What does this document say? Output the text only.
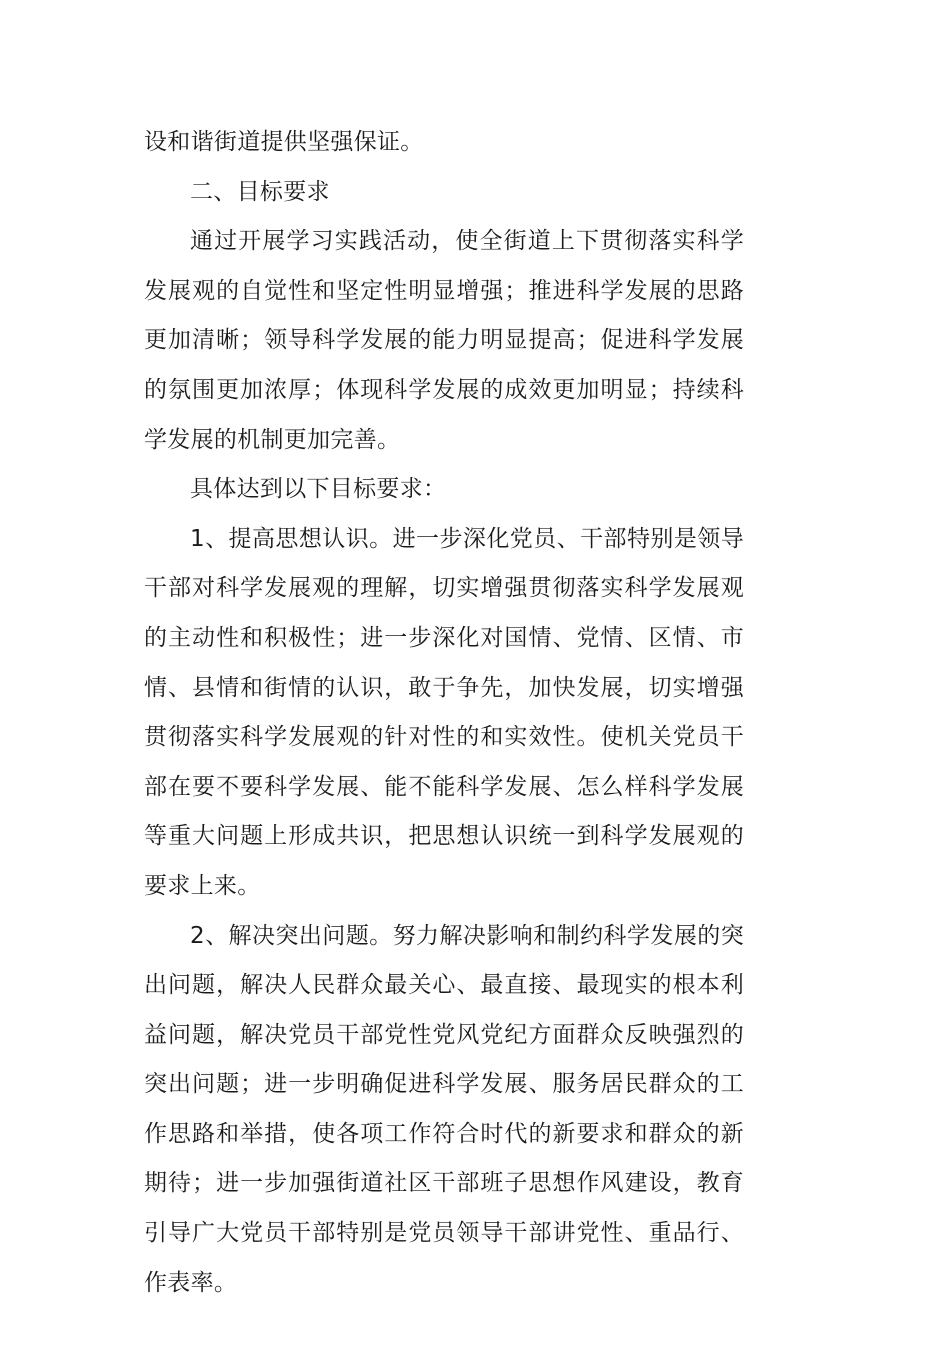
设和谐街道提供坚强保证。

二、目标要求

通过开展学习实践活动，使全街道上下贯彻落实科学发展观的自觉性和坚定性明显增强；推进科学发展的思路更加清晰；领导科学发展的能力明显提高；促进科学发展的氛围更加浓厚；体现科学发展的成效更加明显；持续科学发展的机制更加完善。

具体达到以下目标要求：

1、提高思想认识。进一步深化党员、干部特别是领导干部对科学发展观的理解，切实增强贯彻落实科学发展观的主动性和积极性；进一步深化对国情、党情、区情、市情、县情和街情的认识，敢于争先，加快发展，切实增强贯彻落实科学发展观的针对性的和实效性。使机关党员干部在要不要科学发展、能不能科学发展、怎么样科学发展等重大问题上形成共识，把思想认识统一到科学发展观的要求上来。

2、解决突出问题。努力解决影响和制约科学发展的突出问题，解决人民群众最关心、最直接、最现实的根本利益问题，解决党员干部党性党风党纪方面群众反映强烈的突出问题；进一步明确促进科学发展、服务居民群众的工作思路和举措，使各项工作符合时代的新要求和群众的新期待；进一步加强街道社区干部班子思想作风建设，教育引导广大党员干部特别是党员领导干部讲党性、重品行、作表率。
